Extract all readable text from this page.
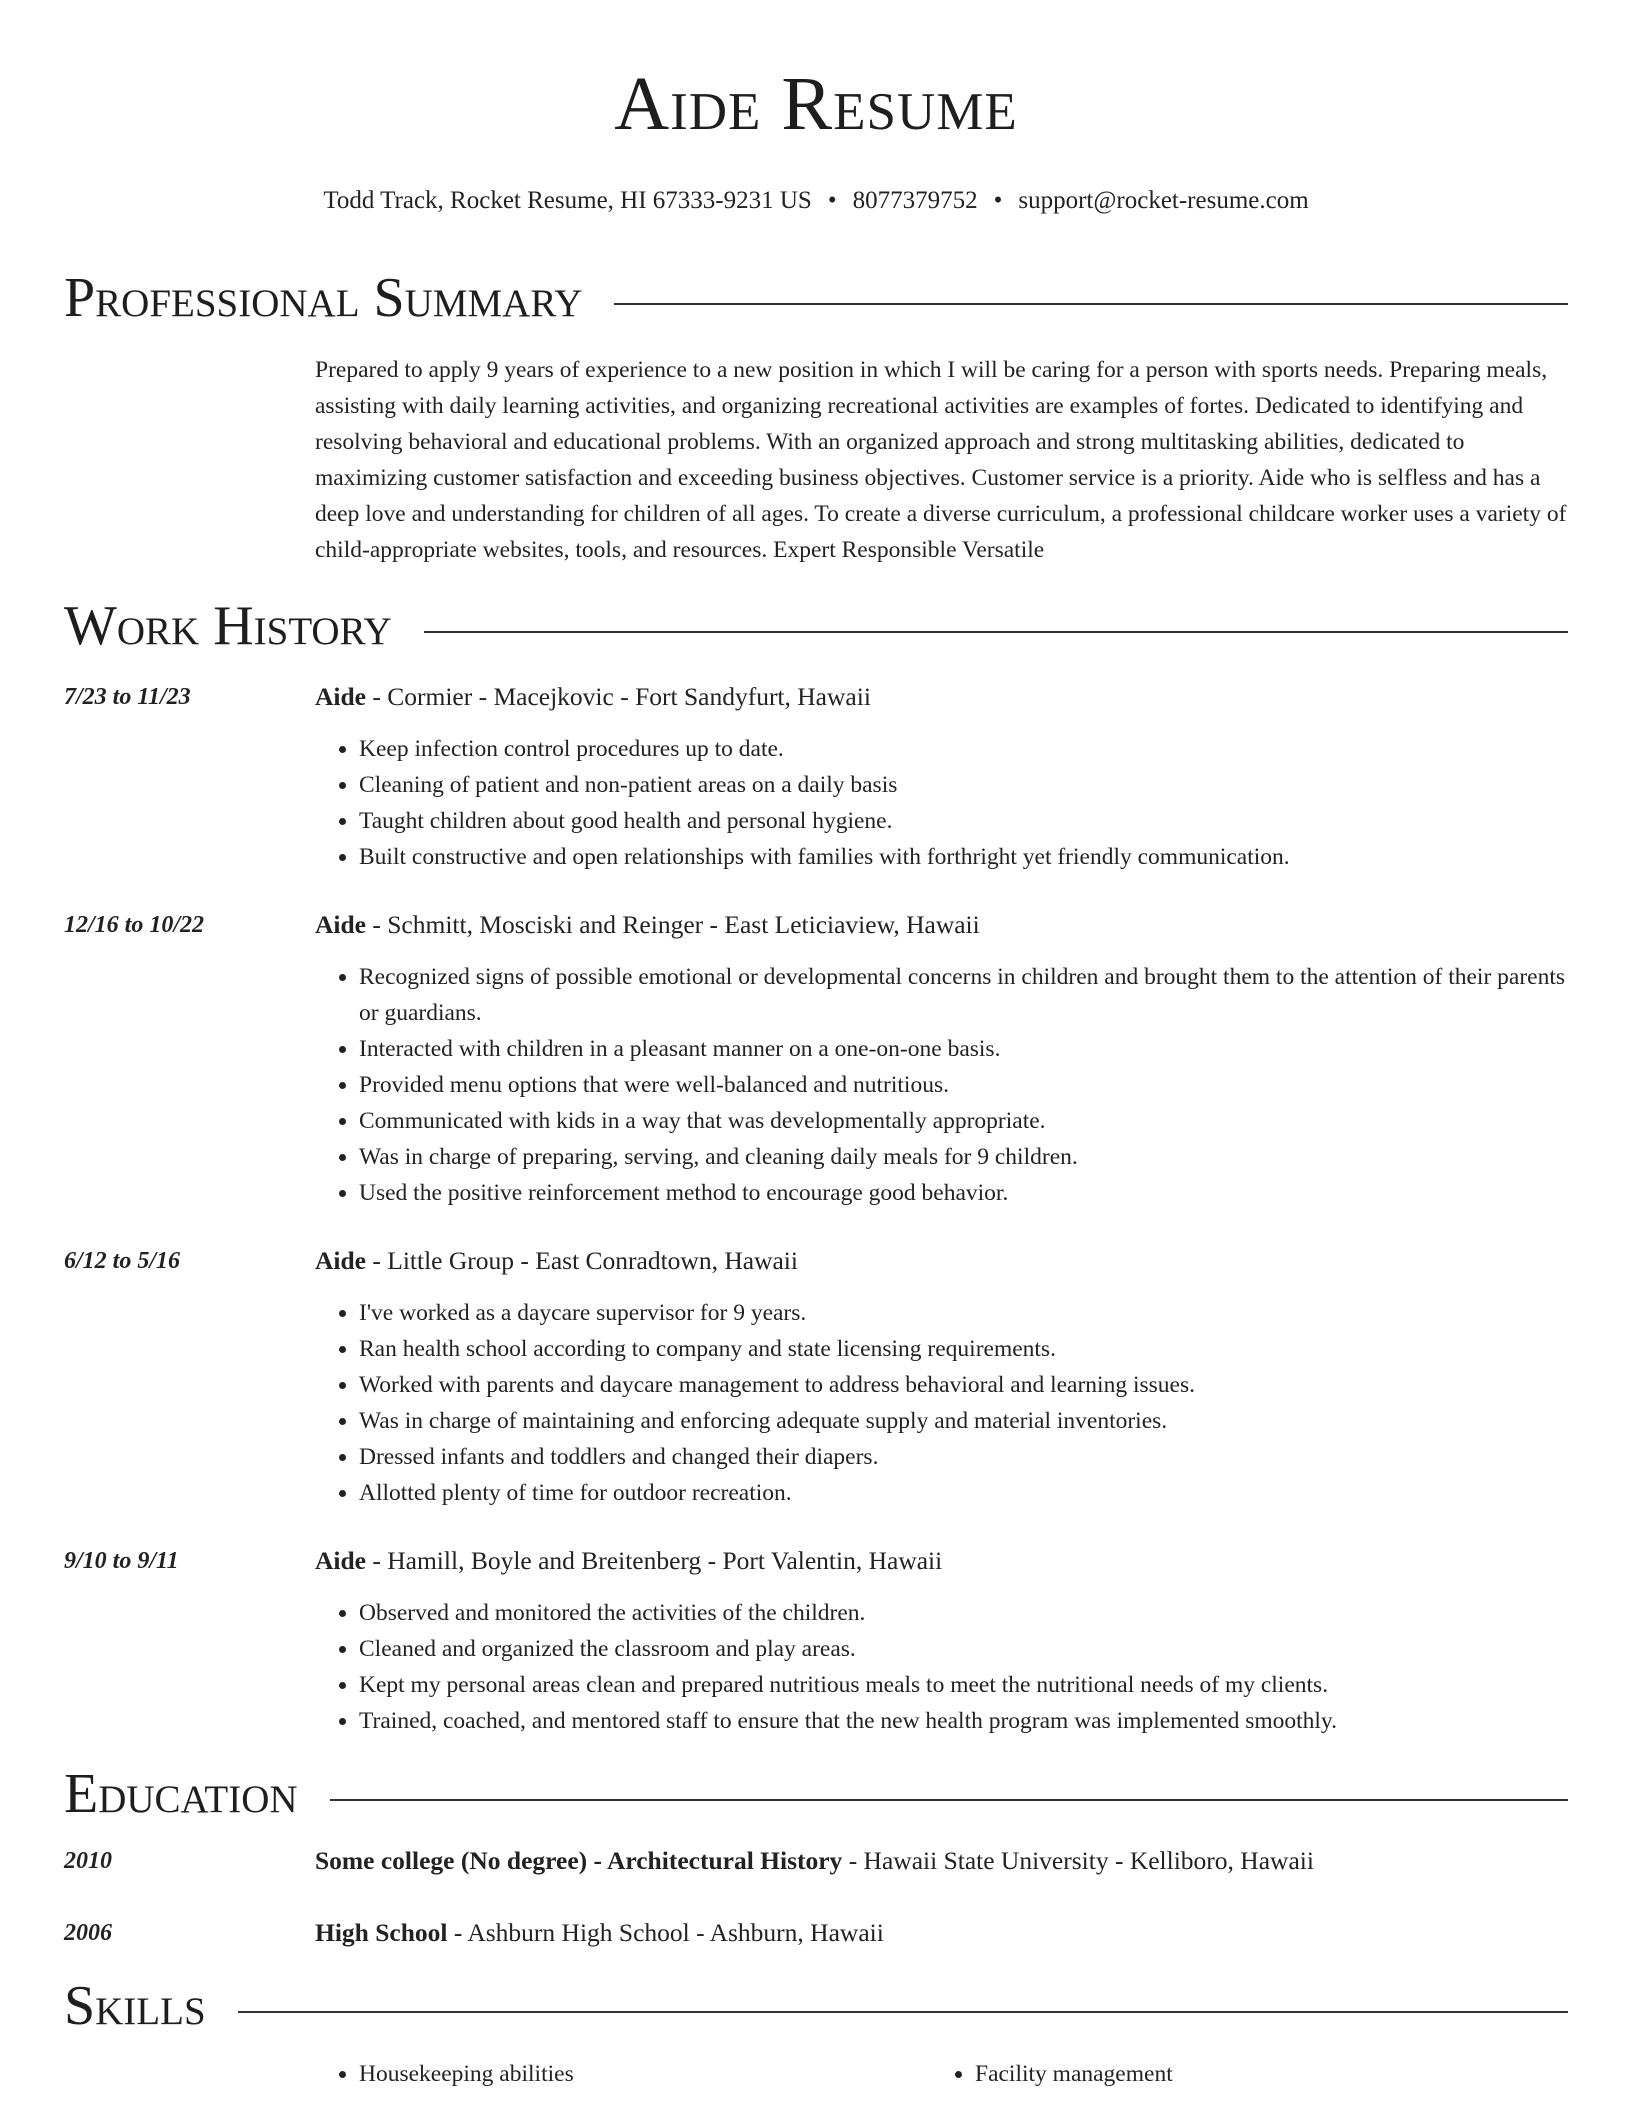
Aide Resume
Todd Track, Rocket Resume, HI 67333-9231 US • 8077379752 • support@rocket-resume.com
Professional Summary
Prepared to apply 9 years of experience to a new position in which I will be caring for a person with sports needs. Preparing meals, assisting with daily learning activities, and organizing recreational activities are examples of fortes. Dedicated to identifying and resolving behavioral and educational problems. With an organized approach and strong multitasking abilities, dedicated to maximizing customer satisfaction and exceeding business objectives. Customer service is a priority. Aide who is selfless and has a deep love and understanding for children of all ages. To create a diverse curriculum, a professional childcare worker uses a variety of child-appropriate websites, tools, and resources. Expert Responsible Versatile
Work History
7/23 to 11/23	Aide - Cormier - Macejkovic - Fort Sandyfurt, Hawaii
• Keep infection control procedures up to date.
• Cleaning of patient and non-patient areas on a daily basis
• Taught children about good health and personal hygiene.
• Built constructive and open relationships with families with forthright yet friendly communication.
12/16 to 10/22	Aide - Schmitt, Mosciski and Reinger - East Leticiaview, Hawaii
• Recognized signs of possible emotional or developmental concerns in children and brought them to the attention of their parents or guardians.
• Interacted with children in a pleasant manner on a one-on-one basis.
• Provided menu options that were well-balanced and nutritious.
• Communicated with kids in a way that was developmentally appropriate.
• Was in charge of preparing, serving, and cleaning daily meals for 9 children.
• Used the positive reinforcement method to encourage good behavior.
6/12 to 5/16	Aide - Little Group - East Conradtown, Hawaii
• I've worked as a daycare supervisor for 9 years.
• Ran health school according to company and state licensing requirements.
• Worked with parents and daycare management to address behavioral and learning issues.
• Was in charge of maintaining and enforcing adequate supply and material inventories.
• Dressed infants and toddlers and changed their diapers.
• Allotted plenty of time for outdoor recreation.
9/10 to 9/11	Aide - Hamill, Boyle and Breitenberg - Port Valentin, Hawaii
• Observed and monitored the activities of the children.
• Cleaned and organized the classroom and play areas.
• Kept my personal areas clean and prepared nutritious meals to meet the nutritional needs of my clients.
• Trained, coached, and mentored staff to ensure that the new health program was implemented smoothly.
Education
2010	Some college (No degree) - Architectural History - Hawaii State University - Kelliboro, Hawaii
2006	High School - Ashburn High School - Ashburn, Hawaii
Skills
• Housekeeping abilities
•	Facility management
